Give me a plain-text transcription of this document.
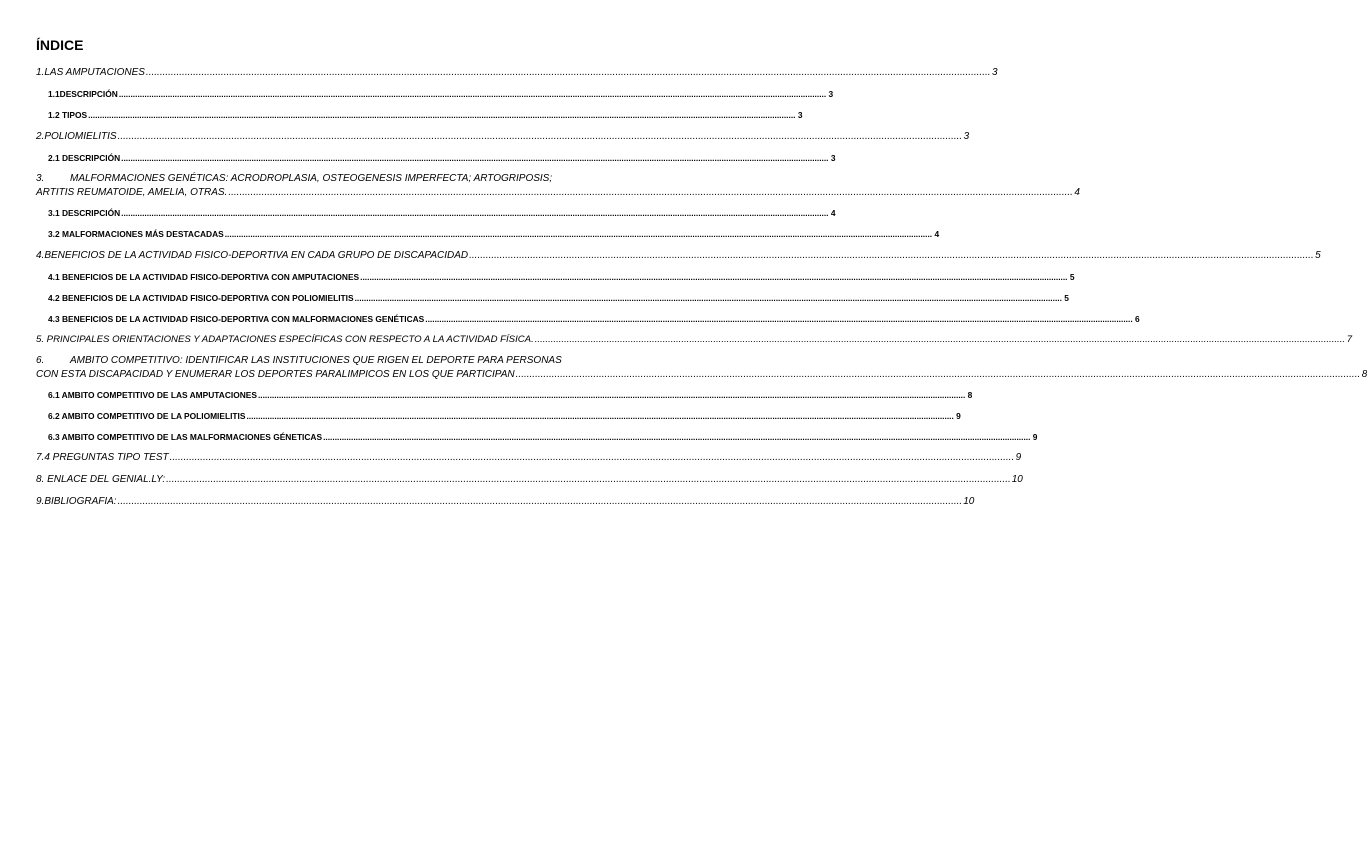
ÍNDICE
1. LAS AMPUTACIONES .....	3
1.1 DESCRIPCIÓN .....	3
1.2 TIPOS .....	3
2. POLIOMIELITIS .....	3
2.1 DESCRIPCIÓN .....	3
3.	MALFORMACIONES GENÉTICAS: ACRODROPLASIA, OSTEOGENESIS IMPERFECTA; ARTOGRIPOSIS;
ARTITIS REUMATOIDE, AMELIA, OTRAS. .....	4
3.1 DESCRIPCIÓN .....	4
3.2 MALFORMACIONES MÁS DESTACADAS .....	4
4. BENEFICIOS DE LA ACTIVIDAD FISICO-DEPORTIVA EN CADA GRUPO DE DISCAPACIDAD .....	5
4.1 BENEFICIOS DE LA ACTIVIDAD FISICO-DEPORTIVA CON AMPUTACIONES .....	5
4.2 BENEFICIOS DE LA ACTIVIDAD FISICO-DEPORTIVA CON POLIOMIELITIS .....	5
4.3 BENEFICIOS DE LA ACTIVIDAD FISICO-DEPORTIVA CON MALFORMACIONES GENÉTICAS .....	6
5. PRINCIPALES ORIENTACIONES Y ADAPTACIONES ESPECÍFICAS CON RESPECTO A LA ACTIVIDAD FÍSICA. .....	7
6.	AMBITO COMPETITIVO: IDENTIFICAR LAS INSTITUCIONES QUE RIGEN EL DEPORTE PARA PERSONAS
CON ESTA DISCAPACIDAD Y ENUMERAR LOS DEPORTES PARALIMPICOS EN LOS QUE PARTICIPAN .....	8
6.1 AMBITO COMPETITIVO DE LAS AMPUTACIONES .....	8
6.2 AMBITO COMPETITIVO DE LA POLIOMIELITIS .....	9
6.3 AMBITO COMPETITIVO DE LAS MALFORMACIONES GÉNETICAS .....	9
7. 4 PREGUNTAS TIPO TEST .....	9
8. ENLACE DEL GENIAL.LY: .....	10
9. BIBLIOGRAFIA: .....	10
